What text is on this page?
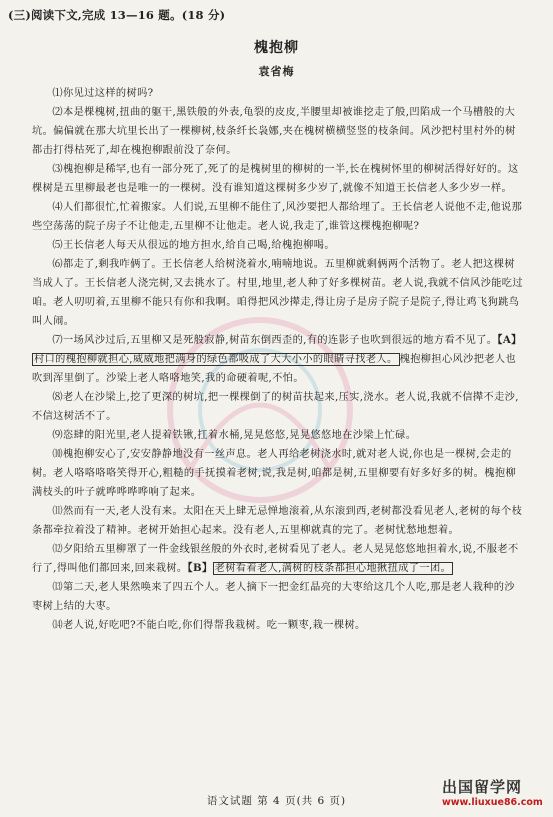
(三)阅读下文,完成 13—16 题。(18 分)
槐抱柳
袁省梅

⑴你见过这样的树吗?

⑵本是棵槐树,扭曲的躯干,黑铁般的外表,龟裂的皮皮,半腰里却被谁挖走了般,凹陷成一个马槽般的大坑。偏偏就在那大坑里长出了一棵柳树,枝条纤长袅娜,夹在槐树横横竖竖的枝条间。风沙把村里村外的树都击打得枯死了,却在槐抱柳跟前没了奈何。

⑶槐抱柳是稀罕,也有一部分死了,死了的是槐树里的柳树的一半,长在槐树怀里的柳树活得好好的。这棵树是五里柳最老也是唯一的一棵树。没有谁知道这棵树多少岁了,就像不知道王长信老人多少岁一样。

⑷人们都很忙,忙着搬家。人们说,五里柳不能住了,风沙要把人都给埋了。王长信老人说他不走,他说那些空荡荡的院子房子不让他走,五里柳不让他走。老人说,我走了,谁管这棵槐抱柳呢?

⑸王长信老人每天从很远的地方担水,给自己喝,给槐抱柳喝。

⑹都走了,剩我咋俩了。王长信老人给树浇着水,喃喃地说。五里柳就剩俩两个活物了。老人把这棵树当成人了。王长信老人浇完树,又去挑水了。村里,地里,老人种了好多棵树苗。老人说,我就不信风沙能吃过咱。老人叨叨着,五里柳不能只有你和我啊。咱得把风沙撵走,得让房子是房子院子是院子,得让鸡飞狗跳鸟叫人闹。

⑺一场风沙过后,五里柳又是死般寂静,树苗东倒西歪的,有的连影子也吹到很远的地方看不见了。【A】村口的槐抱柳就担心,威威地把满身的绿色都吸成了大大小小的眼睛寻找老人。 槐抱柳担心风沙把老人也吹到浑里倒了。沙梁上老人咯咯地笑,我的命硬着呢,不怕。

⑻老人在沙梁上,挖了更深的树坑,把一棵棵倒了的树苗扶起来,压实,浇水。老人说,我就不信撵不走沙,不信这树活不了。

⑼恣肆的阳光里,老人提着铁锹,扛着水桶,晃晃悠悠,晃晃悠悠地在沙梁上忙碌。

⑽槐抱柳安心了,安安静静地没有一丝声息。老人再给老树浇水时,就对老人说,你也是一棵树,会走的树。老人咯咯咯咯笑得开心,粗糙的手抚摸着老树,说,我是树,咱都是树,五里柳要有好多好多的树。槐抱柳满枝头的叶子就哗哗哗哗响了起来。

⑾然而有一天,老人没有来。太阳在天上肆无忌惮地滚着,从东滚到西,老树都没看见老人,老树的每个枝条都牵拉着没了精神。老树开始担心起来。没有老人,五里柳就真的完了。老树忧愁地想着。

⑿夕阳给五里柳罩了一件金线银丝般的外衣时,老树看见了老人。老人晃晃悠悠地担着水,说,不服老不行了,得叫他们都回来,回来栽树。【B】 老树看着老人,满树的枝条都担心地揪扭成了一团。

⒀第二天,老人果然唤来了四五个人。老人摘下一把金红晶亮的大枣给这几个人吃,那是老人栽种的沙枣树上结的大枣。

⒁老人说,好吃吧?不能白吃,你们得帮我栽树。吃一颗枣,栽一棵树。

语文试题 第 4 页(共 6 页)
出国留学网
www.liuxue86.com
